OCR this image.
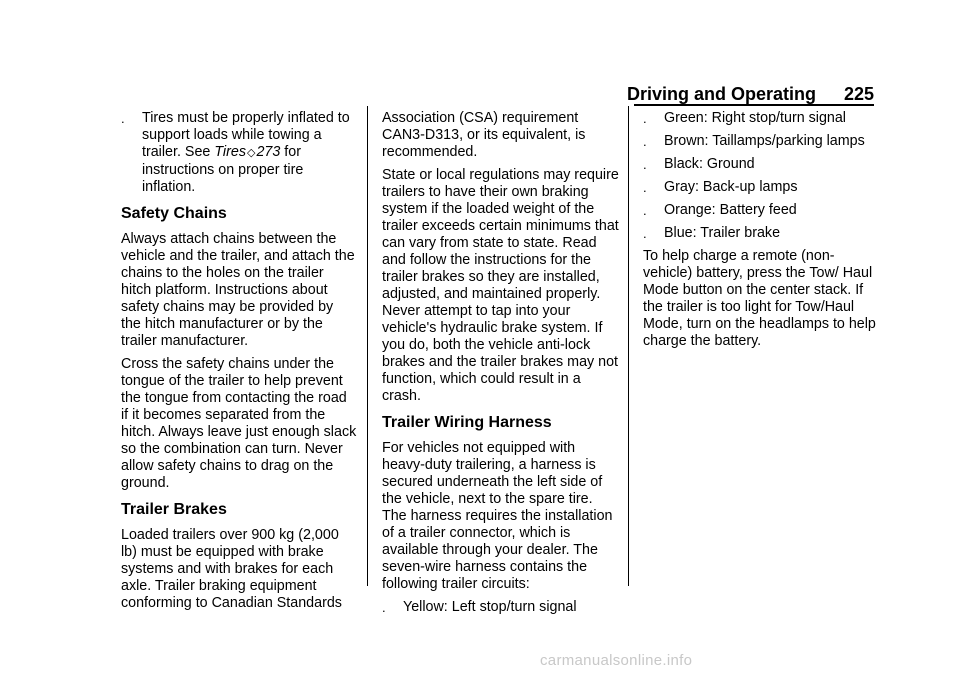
Driving and Operating 225
. Tires must be properly inflated to support loads while towing a trailer. See Tires◇273 for instructions on proper tire inflation.
Safety Chains

Always attach chains between the vehicle and the trailer, and attach the chains to the holes on the trailer hitch platform. Instructions about safety chains may be provided by the hitch manufacturer or by the trailer manufacturer.

Cross the safety chains under the tongue of the trailer to help prevent the tongue from contacting the road if it becomes separated from the hitch. Always leave just enough slack so the combination can turn. Never allow safety chains to drag on the ground.

Trailer Brakes

Loaded trailers over 900 kg (2,000 lb) must be equipped with brake systems and with brakes for each axle. Trailer braking equipment conforming to Canadian Standards

Association (CSA) requirement CAN3-D313, or its equivalent, is recommended.

State or local regulations may require trailers to have their own braking system if the loaded weight of the trailer exceeds certain minimums that can vary from state to state. Read and follow the instructions for the trailer brakes so they are installed, adjusted, and maintained properly. Never attempt to tap into your vehicle's hydraulic brake system. If you do, both the vehicle anti-lock brakes and the trailer brakes may not function, which could result in a crash.

Trailer Wiring Harness

For vehicles not equipped with heavy-duty trailering, a harness is secured underneath the left side of the vehicle, next to the spare tire. The harness requires the installation of a trailer connector, which is available through your dealer. The seven-wire harness contains the following trailer circuits:

. Yellow: Left stop/turn signal
. Green: Right stop/turn signal
. Brown: Taillamps/parking lamps
. Black: Ground
. Gray: Back-up lamps
. Orange: Battery feed
. Blue: Trailer brake

To help charge a remote (non-vehicle) battery, press the Tow/ Haul Mode button on the center stack. If the trailer is too light for Tow/Haul Mode, turn on the headlamps to help charge the battery.

carmanualsonline.info
